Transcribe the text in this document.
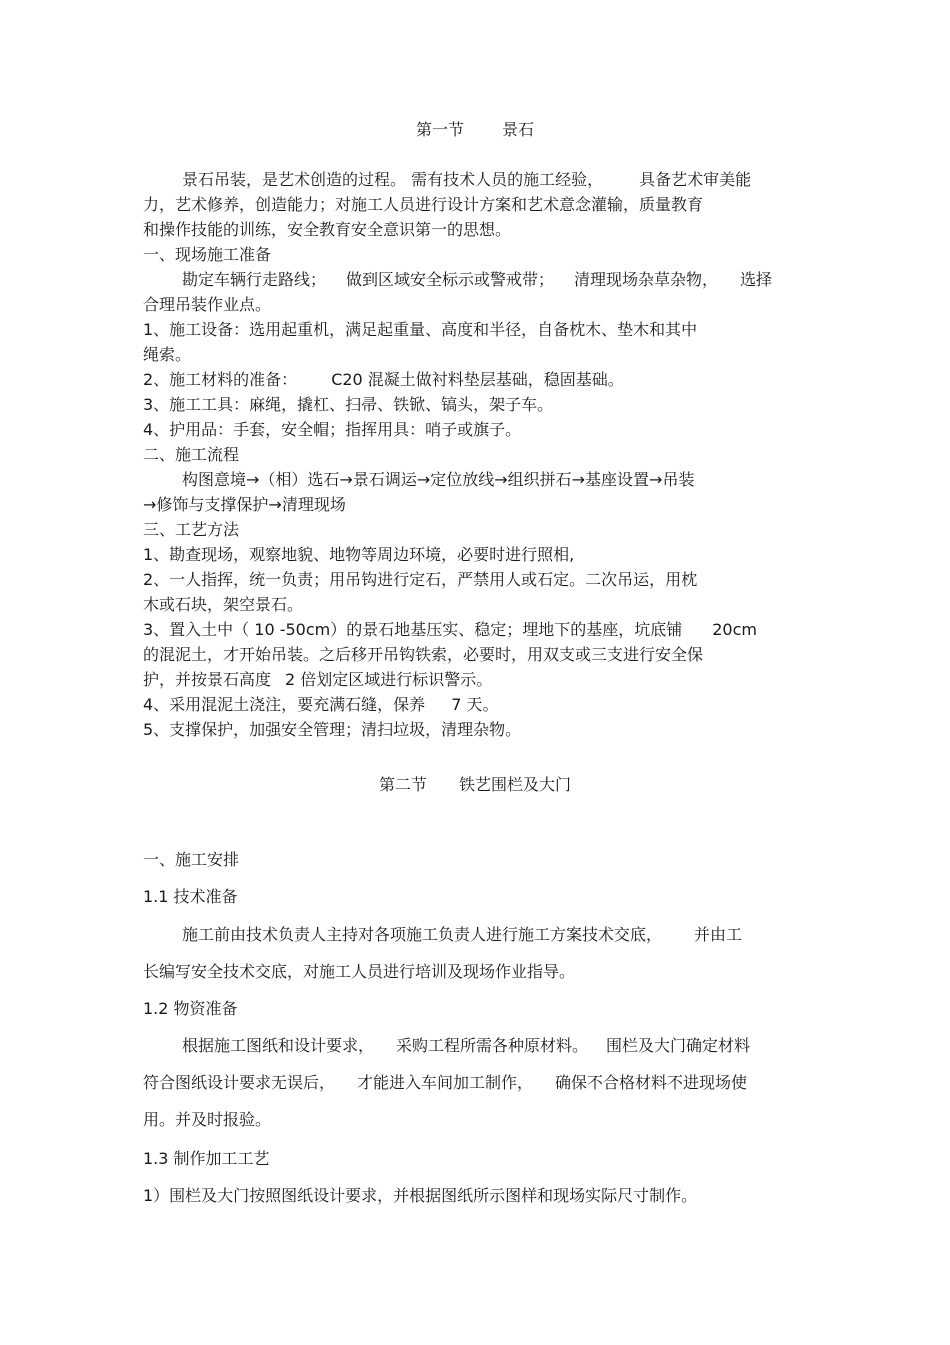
第一节 景石
景石吊装，是艺术创造的过程。 需有技术人员的施工经验， 具备艺术审美能
力，艺术修养，创造能力；对施工人员进行设计方案和艺术意念灌输，质量教育
和操作技能的训练，安全教育安全意识第一的思想。
一、现场施工准备
勘定车辆行走路线； 做到区域安全标示或警戒带； 清理现场杂草杂物， 选择
合理吊装作业点。
1、施工设备：选用起重机，满足起重量、高度和半径，自备枕木、垫木和其中
绳索。
2、施工材料的准备： C20 混凝土做衬料垫层基础，稳固基础。
3、施工工具：麻绳，撬杠、扫帚、铁锨、镐头，架子车。
4、护用品：手套，安全帽；指挥用具：哨子或旗子。
二、施工流程
构图意境→（相）选石→景石调运→定位放线→组织拼石→基座设置→吊装
→修饰与支撑保护→清理现场
三、工艺方法
1、勘查现场，观察地貌、地物等周边环境，必要时进行照相,
2、一人指挥，统一负责；用吊钩进行定石，严禁用人或石定。二次吊运，用枕
木或石块，架空景石。
3、置入土中（ 10 -50cm）的景石地基压实、稳定；埋地下的基座，坑底铺 20cm
的混泥土，才开始吊装。之后移开吊钩铁索，必要时，用双支或三支进行安全保
护，并按景石高度 2 倍划定区域进行标识警示。
4、采用混泥土浇注，要充满石缝，保养 7 天。
5、支撑保护，加强安全管理；清扫垃圾，清理杂物。
第二节 铁艺围栏及大门
一、施工安排
1.1 技术准备
施工前由技术负责人主持对各项施工负责人进行施工方案技术交底， 并由工
长编写安全技术交底，对施工人员进行培训及现场作业指导。
1.2 物资准备
根据施工图纸和设计要求， 采购工程所需各种原材料。 围栏及大门确定材料
符合图纸设计要求无误后， 才能进入车间加工制作， 确保不合格材料不进现场使
用。并及时报验。
1.3 制作加工工艺
1）围栏及大门按照图纸设计要求，并根据图纸所示图样和现场实际尺寸制作。
